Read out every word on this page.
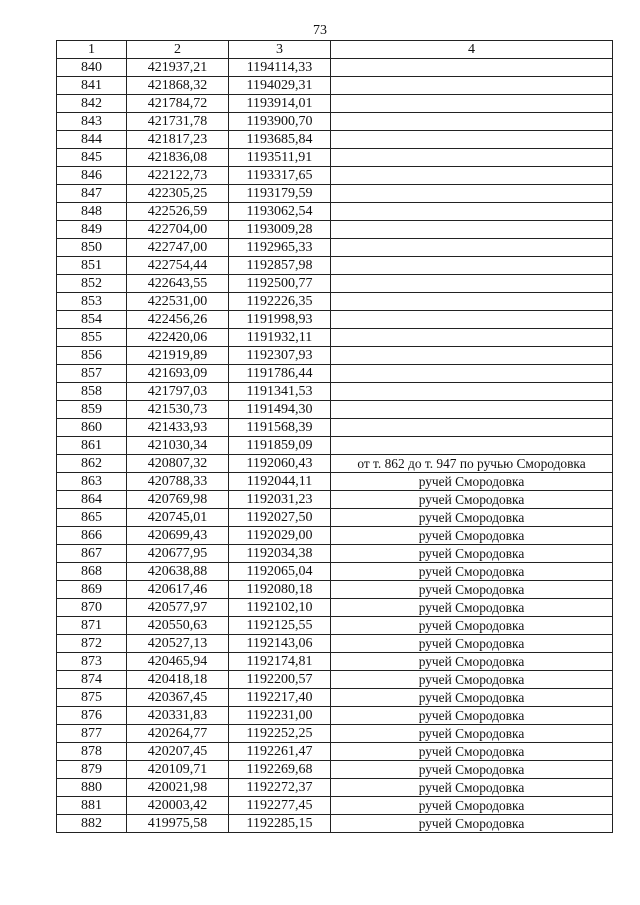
73
1	2	3	4
840	421937,21	1194114,33	
841	421868,32	1194029,31	
842	421784,72	1193914,01	
843	421731,78	1193900,70	
844	421817,23	1193685,84	
845	421836,08	1193511,91	
846	422122,73	1193317,65	
847	422305,25	1193179,59	
848	422526,59	1193062,54	
849	422704,00	1193009,28	
850	422747,00	1192965,33	
851	422754,44	1192857,98	
852	422643,55	1192500,77	
853	422531,00	1192226,35	
854	422456,26	1191998,93	
855	422420,06	1191932,11	
856	421919,89	1192307,93	
857	421693,09	1191786,44	
858	421797,03	1191341,53	
859	421530,73	1191494,30	
860	421433,93	1191568,39	
861	421030,34	1191859,09	
862	420807,32	1192060,43	от т. 862 до т. 947 по ручью Смородовка
863	420788,33	1192044,11	ручей Смородовка
864	420769,98	1192031,23	ручей Смородовка
865	420745,01	1192027,50	ручей Смородовка
866	420699,43	1192029,00	ручей Смородовка
867	420677,95	1192034,38	ручей Смородовка
868	420638,88	1192065,04	ручей Смородовка
869	420617,46	1192080,18	ручей Смородовка
870	420577,97	1192102,10	ручей Смородовка
871	420550,63	1192125,55	ручей Смородовка
872	420527,13	1192143,06	ручей Смородовка
873	420465,94	1192174,81	ручей Смородовка
874	420418,18	1192200,57	ручей Смородовка
875	420367,45	1192217,40	ручей Смородовка
876	420331,83	1192231,00	ручей Смородовка
877	420264,77	1192252,25	ручей Смородовка
878	420207,45	1192261,47	ручей Смородовка
879	420109,71	1192269,68	ручей Смородовка
880	420021,98	1192272,37	ручей Смородовка
881	420003,42	1192277,45	ручей Смородовка
882	419975,58	1192285,15	ручей Смородовка
